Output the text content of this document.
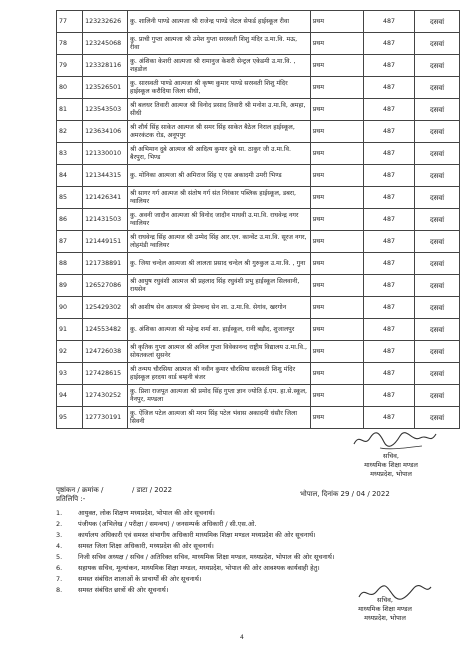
77	123232626	कु. शालिनी पाण्डे आत्मजा श्री राजेन्द्र पाण्डे जेटल सेफर्ड हाईस्कूल रीवा	प्रथम	487	दसवां
78	123245068	कु. प्राची गुप्ता आत्मजा श्री उमेश गुप्ता सरस्वती शिशु मंदिर उ.मा.वि. मऊ, रीवा	प्रथम	487	दसवां
79	123328116	कु. अंशिका केशरी आत्मजा श्री रामानुज केशरी सेन्ट्रल एकेडमी उ.मा.वि. , शहडोल	प्रथम	487	दसवां
80	123526501	कु. सारस्वती पाण्डे आत्मजा श्री कृष्ण कुमार पाण्डे सरस्वती शिशु मंदिर हाईस्कूल करौदिया जिला सीधी,	प्रथम	487	दसवां
81	123543503	श्री बलधर तिवारी आत्मज श्री विनोद प्रसाद तिवारी श्री मनोश उ.मा.वि, अमहा, सीधी	प्रथम	487	दसवां
82	123634106	श्री शौर्य सिंह साकेत आत्मज श्री समर सिंह साकेत बैठेल निराल हाईस्कूल, अमरकंटक रोड, अनूपपुर	प्रथम	487	दसवां
83	121330010	श्री अभिमान दुबे आत्मज श्री आदित्य कुमार दुबे सा. ठाकुर जी उ.मा.वि. बैरपुरा, भिण्ड	प्रथम	487	दसवां
84	121344315	कु. मोनिका आत्मजा श्री अमिराज सिंह ए एस अकादमी उमरी भिण्ड	प्रथम	487	दसवां
85	121426341	श्री सागर गर्ग आत्मज श्री संतोष गर्ग संत निरंकार पब्लिक हाईस्कूल, डबरा, ग्वालियर	प्रथम	487	दसवां
86	121431503	कु. अवनी जादौन आत्मजा श्री विनोद जादौन माधवी उ.मा.वि. राघवेन्द्र नगर ग्वालियर	प्रथम	487	दसवां
87	121449151	श्री राघवेन्द्र सिंह आत्मज श्री उम्मेद सिंह आर.एन. कान्वेंट उ.मा.वि. सूरज नगर, लोहमंडी ग्वालियर	प्रथम	487	दसवां
88	121738891	कु. जिया चन्देल आत्मजा श्री लालता प्रसाद चन्देल श्री गुरुकुल उ.मा.वि. , गुना	प्रथम	487	दसवां
89	126527086	श्री आयुष रघुवंशी आत्मज श्री प्रहलाद सिंह रघुवंशी प्रभु हाईस्कूल सिलवानी, रायसेन	प्रथम	487	दसवां
90	125429302	श्री आशीष सेन आत्मज श्री प्रेमचन्द सेन शा. उ.मा.वि. सेगांव, खरगोन	प्रथम	487	दसवां
91	124553482	कु. अंशिका आत्मजा श्री महेन्द्र शर्मा शा. हाईस्कूल, रानी बड़ौद, शुजालपुर	प्रथम	487	दसवां
92	124726038	श्री कृतिक गुप्ता आत्मज श्री अनिल गुप्ता विवेकानन्द राष्ट्रीय विद्यालय उ.मा.वि., सोयतकलां सुसनेर	प्रथम	487	दसवां
93	127428615	श्री तन्मय चौरसिया आत्मज श्री नवीन कुमार चौरसिया सरस्वती शिशु मंदिर हाईस्कूल हरदया वार्ड बम्हनी बंजर	प्रथम	487	दसवां
94	127430252	कु. प्रिशा राजपूत आत्मजा श्री प्रमोद सिंह गुप्ता ज्ञान ज्योति ई.एम. हा.से.स्कूल, नैनपुर, मण्डला	प्रथम	487	दसवां
95	127730191	कु. ऐंजिल पटेल आत्मजा श्री मरम सिंह पटेल भंवास अकादमी धंसौर जिला सिवनी	प्रथम	487	दसवां
सचिव,
माध्यमिक शिक्षा मण्डल
मध्यप्रदेश, भोपाल
पृष्ठांकन / क्रमांक /	/ डाटा / 2022	भोपाल, दिनांक 29 / 04 / 2022
प्रतिलिपि :-
1. आयुक्त, लोक शिक्षण मध्यप्रदेश, भोपाल की ओर सूचनार्थ।
2. पंजीयक (अभिलेख / परीक्षा / समन्वय) / जनसम्पर्क अधिकारी / सी.एस.ओ.
3. कार्यालय अधिकारी एवं समस्त संभागीय अधिकारी माध्यमिक शिक्षा मण्डल मध्यप्रदेश की ओर सूचनार्थ।
4. समस्त जिला शिक्षा अधिकारी, मध्यप्रदेश की ओर सूचनार्थ।
5. निजी सचिव अध्यक्ष / सचिव / अतिरिक्त सचिव, माध्यमिक शिक्षा मण्डल, मध्यप्रदेश, भोपाल की ओर सूचनार्थ।
6. सहायक सचिव, मूल्यांकन, माध्यमिक शिक्षा मण्डल, मध्यप्रदेश, भोपाल की ओर आवश्यक कार्यवाही हेतु।
7. समस्त संबंधित शालाओं के प्राचार्यों की ओर सूचनार्थ।
8. समस्त संबंधित छात्रों की ओर सूचनार्थ।
सचिव,
माध्यमिक शिक्षा मण्डल
मध्यप्रदेश, भोपाल
4
